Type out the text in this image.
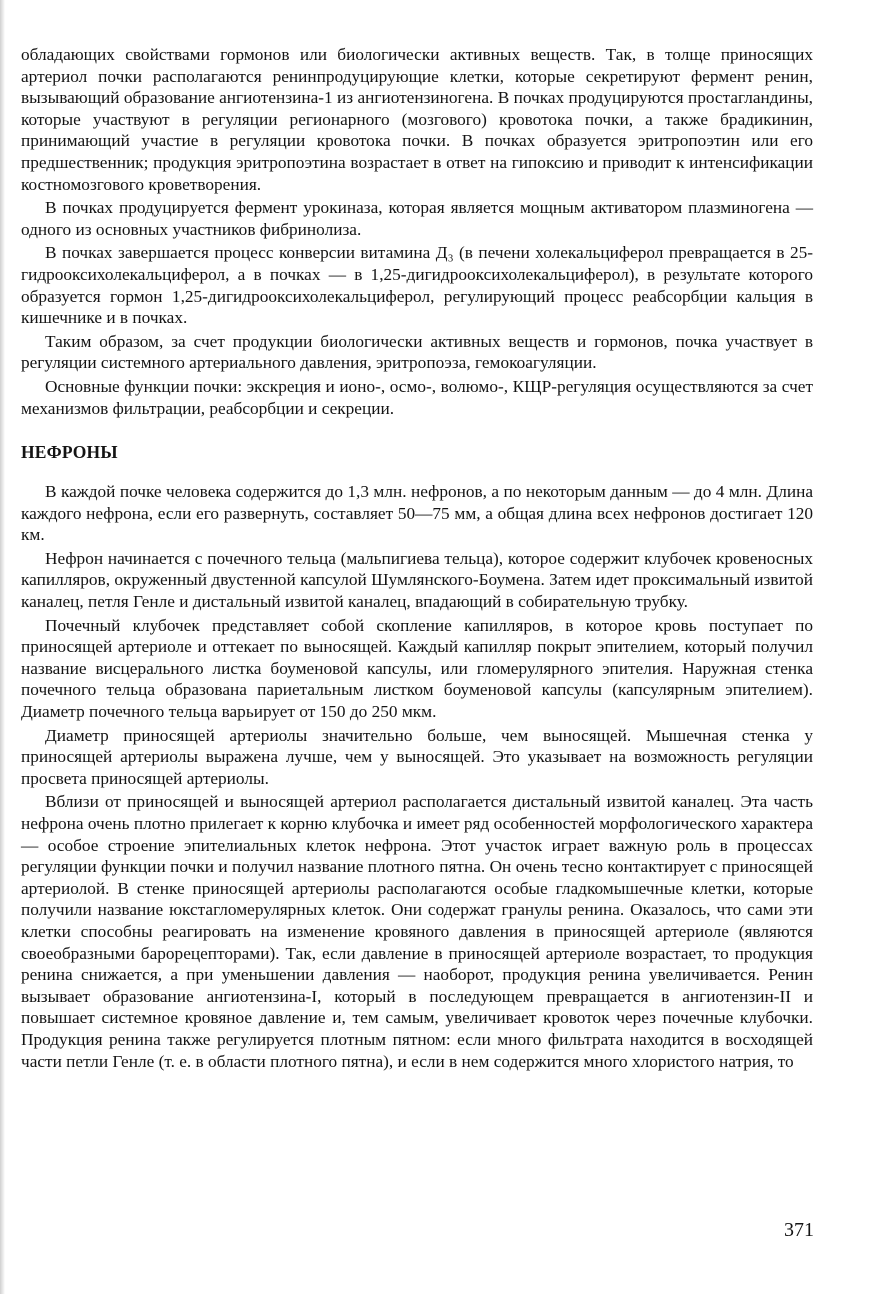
обладающих свойствами гормонов или биологически активных веществ. Так, в толще приносящих артериол почки располагаются ренинпродуцирующие клетки, которые секретируют фермент ренин, вызывающий образование ангиотензина-1 из ангиотензиногена. В почках продуцируются простагландины, которые участвуют в регуляции регионарного (мозгового) кровотока почки, а также брадикинин, принимающий участие в регуляции кровотока почки. В почках образуется эритропоэтин или его предшественник; продукция эритропоэтина возрастает в ответ на гипоксию и приводит к интенсификации костномозгового кроветворения.

В почках продуцируется фермент урокиназа, которая является мощным активатором плазминогена — одного из основных участников фибринолиза.

В почках завершается процесс конверсии витамина Д₃ (в печени холекальциферол превращается в 25-гидрооксихолекальциферол, а в почках — в 1,25-дигидрооксихолекальциферол), в результате которого образуется гормон 1,25-дигидрооксихолекальциферол, регулирующий процесс реабсорбции кальция в кишечнике и в почках.

Таким образом, за счет продукции биологически активных веществ и гормонов, почка участвует в регуляции системного артериального давления, эритропоэза, гемокоагуляции.

Основные функции почки: экскреция и ионо-, осмо-, волюмо-, КЩР-регуляция осуществляются за счет механизмов фильтрации, реабсорбции и секреции.

НЕФРОНЫ

В каждой почке человека содержится до 1,3 млн. нефронов, а по некоторым данным — до 4 млн. Длина каждого нефрона, если его развернуть, составляет 50—75 мм, а общая длина всех нефронов достигает 120 км.

Нефрон начинается с почечного тельца (мальпигиева тельца), которое содержит клубочек кровеносных капилляров, окруженный двустенной капсулой Шумлянского-Боумена. Затем идет проксимальный извитой каналец, петля Генле и дистальный извитой каналец, впадающий в собирательную трубку.

Почечный клубочек представляет собой скопление капилляров, в которое кровь поступает по приносящей артериоле и оттекает по выносящей. Каждый капилляр покрыт эпителием, который получил название висцерального листка боуменовой капсулы, или гломерулярного эпителия. Наружная стенка почечного тельца образована париетальным листком боуменовой капсулы (капсулярным эпителием). Диаметр почечного тельца варьирует от 150 до 250 мкм.

Диаметр приносящей артериолы значительно больше, чем выносящей. Мышечная стенка у приносящей артериолы выражена лучше, чем у выносящей. Это указывает на возможность регуляции просвета приносящей артериолы.

Вблизи от приносящей и выносящей артериол располагается дистальный извитой каналец. Эта часть нефрона очень плотно прилегает к корню клубочка и имеет ряд особенностей морфологического характера — особое строение эпителиальных клеток нефрона. Этот участок играет важную роль в процессах регуляции функции почки и получил название плотного пятна. Он очень тесно контактирует с приносящей артериолой. В стенке приносящей артериолы располагаются особые гладкомышечные клетки, которые получили название юкстагломерулярных клеток. Они содержат гранулы ренина. Оказалось, что сами эти клетки способны реагировать на изменение кровяного давления в приносящей артериоле (являются своеобразными барорецепторами). Так, если давление в приносящей артериоле возрастает, то продукция ренина снижается, а при уменьшении давления — наоборот, продукция ренина увеличивается. Ренин вызывает образование ангиотензина-I, который в последующем превращается в ангиотензин-II и повышает системное кровяное давление и, тем самым, увеличивает кровоток через почечные клубочки. Продукция ренина также регулируется плотным пятном: если много фильтрата находится в восходящей части петли Генле (т. е. в области плотного пятна), и если в нем содержится много хлористого натрия, то

371
